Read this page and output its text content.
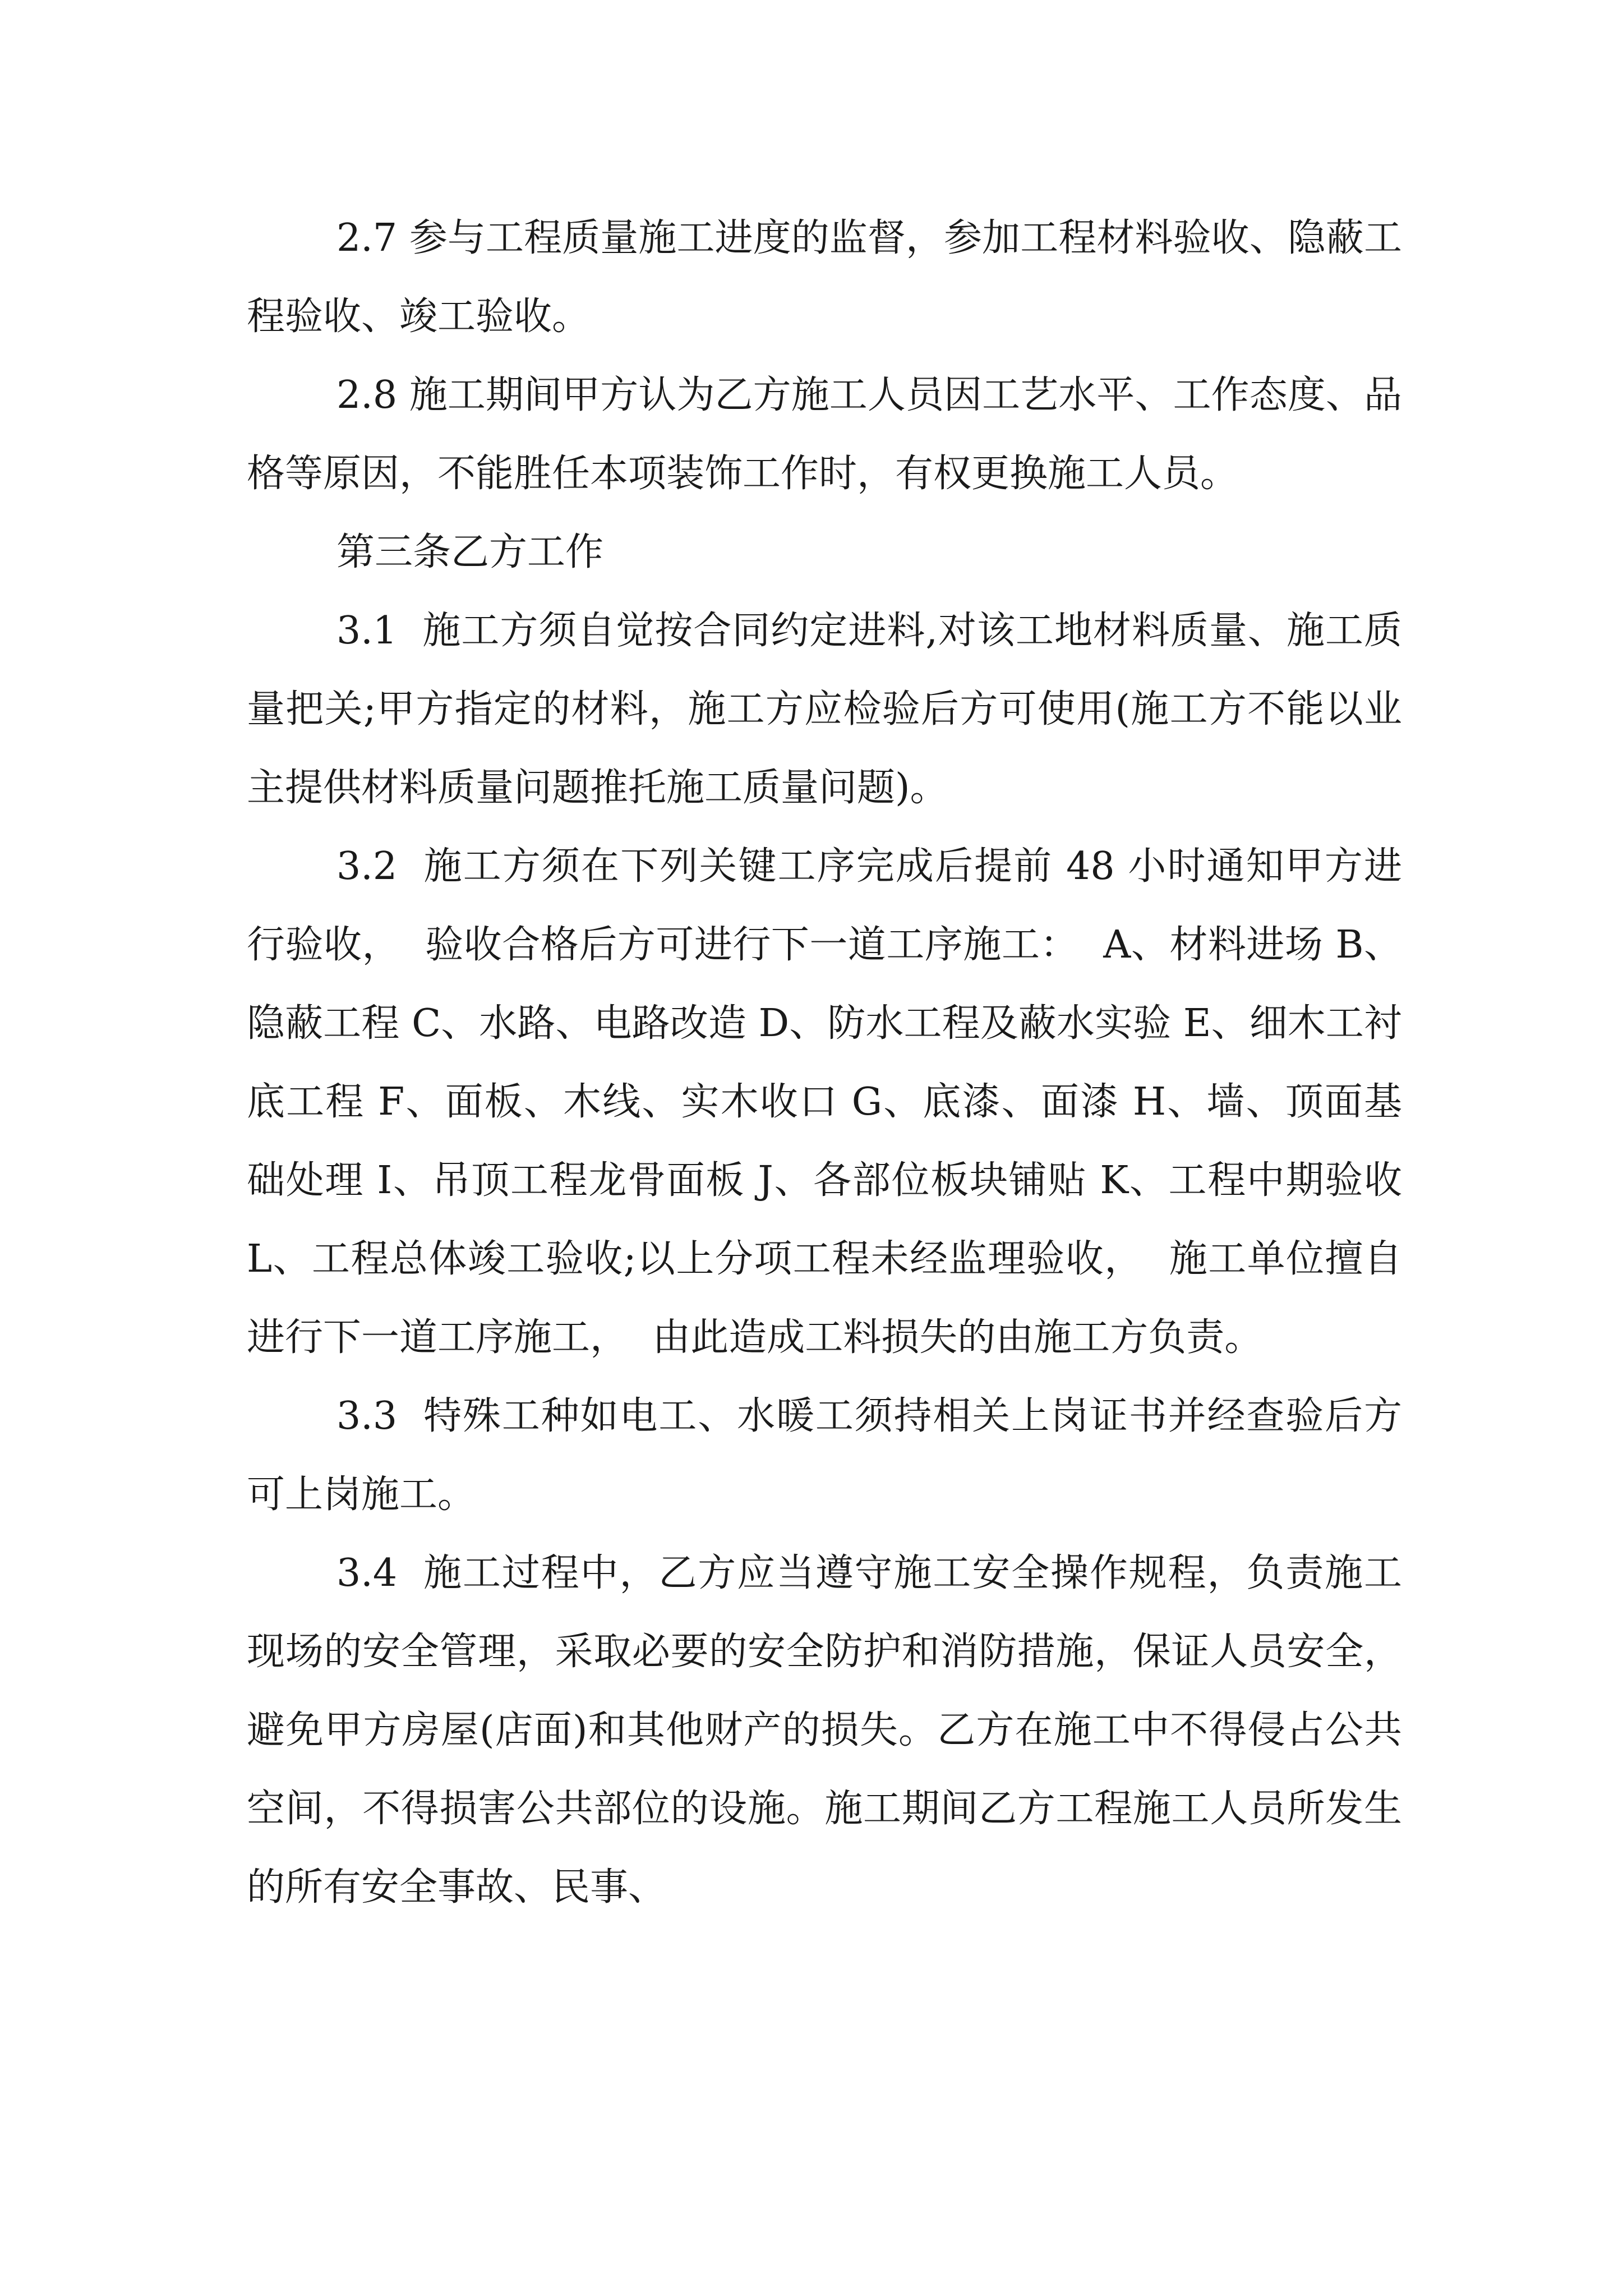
2.7 参与工程质量施工进度的监督，参加工程材料验收、隐蔽工程验收、竣工验收。

2.8 施工期间甲方认为乙方施工人员因工艺水平、工作态度、品格等原因，不能胜任本项装饰工作时，有权更换施工人员。

第三条乙方工作

3.1  施工方须自觉按合同约定进料,对该工地材料质量、施工质量把关;甲方指定的材料，施工方应检验后方可使用(施工方不能以业主提供材料质量问题推托施工质量问题)。

3.2  施工方须在下列关键工序完成后提前 48 小时通知甲方进行验收，  验收合格后方可进行下一道工序施工：  A、材料进场 B、隐蔽工程 C、水路、电路改造 D、防水工程及蔽水实验 E、细木工衬底工程 F、面板、木线、实木收口 G、底漆、面漆 H、墙、顶面基础处理 I、吊顶工程龙骨面板 J、各部位板块铺贴 K、工程中期验收 L、工程总体竣工验收;以上分项工程未经监理验收，  施工单位擅自进行下一道工序施工，  由此造成工料损失的由施工方负责。

3.3  特殊工种如电工、水暖工须持相关上岗证书并经查验后方可上岗施工。

3.4  施工过程中，乙方应当遵守施工安全操作规程，负责施工现场的安全管理，采取必要的安全防护和消防措施，保证人员安全，避免甲方房屋(店面)和其他财产的损失。乙方在施工中不得侵占公共空间，不得损害公共部位的设施。施工期间乙方工程施工人员所发生的所有安全事故、民事、
